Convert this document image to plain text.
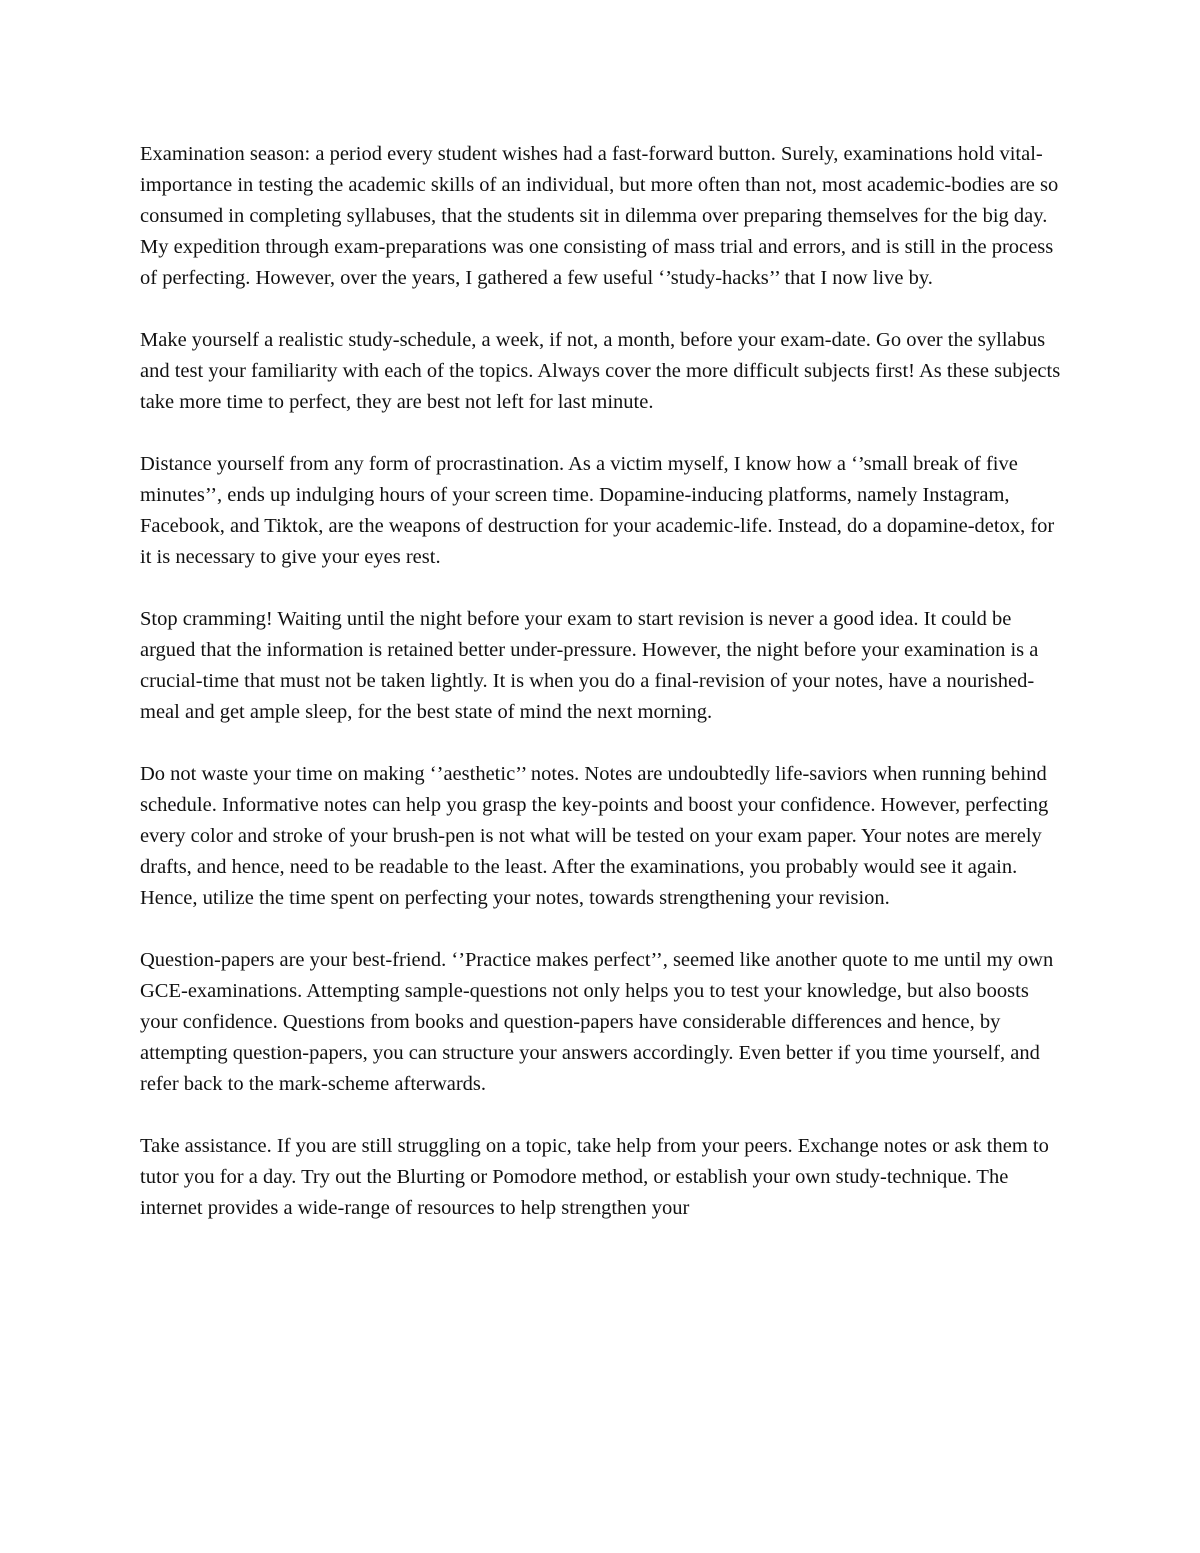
Examination season: a period every student wishes had a fast-forward button. Surely, examinations hold vital-importance in testing the academic skills of an individual, but more often than not, most academic-bodies are so consumed in completing syllabuses, that the students sit in dilemma over preparing themselves for the big day. My expedition through exam-preparations was one consisting of mass trial and errors, and is still in the process of perfecting. However, over the years, I gathered a few useful ‘’study-hacks’’ that I now live by.

Make yourself a realistic study-schedule, a week, if not, a month, before your exam-date. Go over the syllabus and test your familiarity with each of the topics. Always cover the more difficult subjects first! As these subjects take more time to perfect, they are best not left for last minute.

Distance yourself from any form of procrastination. As a victim myself, I know how a ‘’small break of five minutes’’, ends up indulging hours of your screen time. Dopamine-inducing platforms, namely Instagram, Facebook, and Tiktok, are the weapons of destruction for your academic-life. Instead, do a dopamine-detox, for it is necessary to give your eyes rest.

Stop cramming! Waiting until the night before your exam to start revision is never a good idea. It could be argued that the information is retained better under-pressure. However, the night before your examination is a crucial-time that must not be taken lightly. It is when you do a final-revision of your notes, have a nourished-meal and get ample sleep, for the best state of mind the next morning.

Do not waste your time on making ‘’aesthetic’’ notes. Notes are undoubtedly life-saviors when running behind schedule. Informative notes can help you grasp the key-points and boost your confidence. However, perfecting every color and stroke of your brush-pen is not what will be tested on your exam paper. Your notes are merely drafts, and hence, need to be readable to the least. After the examinations, you probably would see it again. Hence, utilize the time spent on perfecting your notes, towards strengthening your revision.

Question-papers are your best-friend. ‘’Practice makes perfect’’, seemed like another quote to me until my own GCE-examinations. Attempting sample-questions not only helps you to test your knowledge, but also boosts your confidence. Questions from books and question-papers have considerable differences and hence, by attempting question-papers, you can structure your answers accordingly. Even better if you time yourself, and refer back to the mark-scheme afterwards.

Take assistance. If you are still struggling on a topic, take help from your peers. Exchange notes or ask them to tutor you for a day. Try out the Blurting or Pomodore method, or establish your own study-technique. The internet provides a wide-range of resources to help strengthen your
